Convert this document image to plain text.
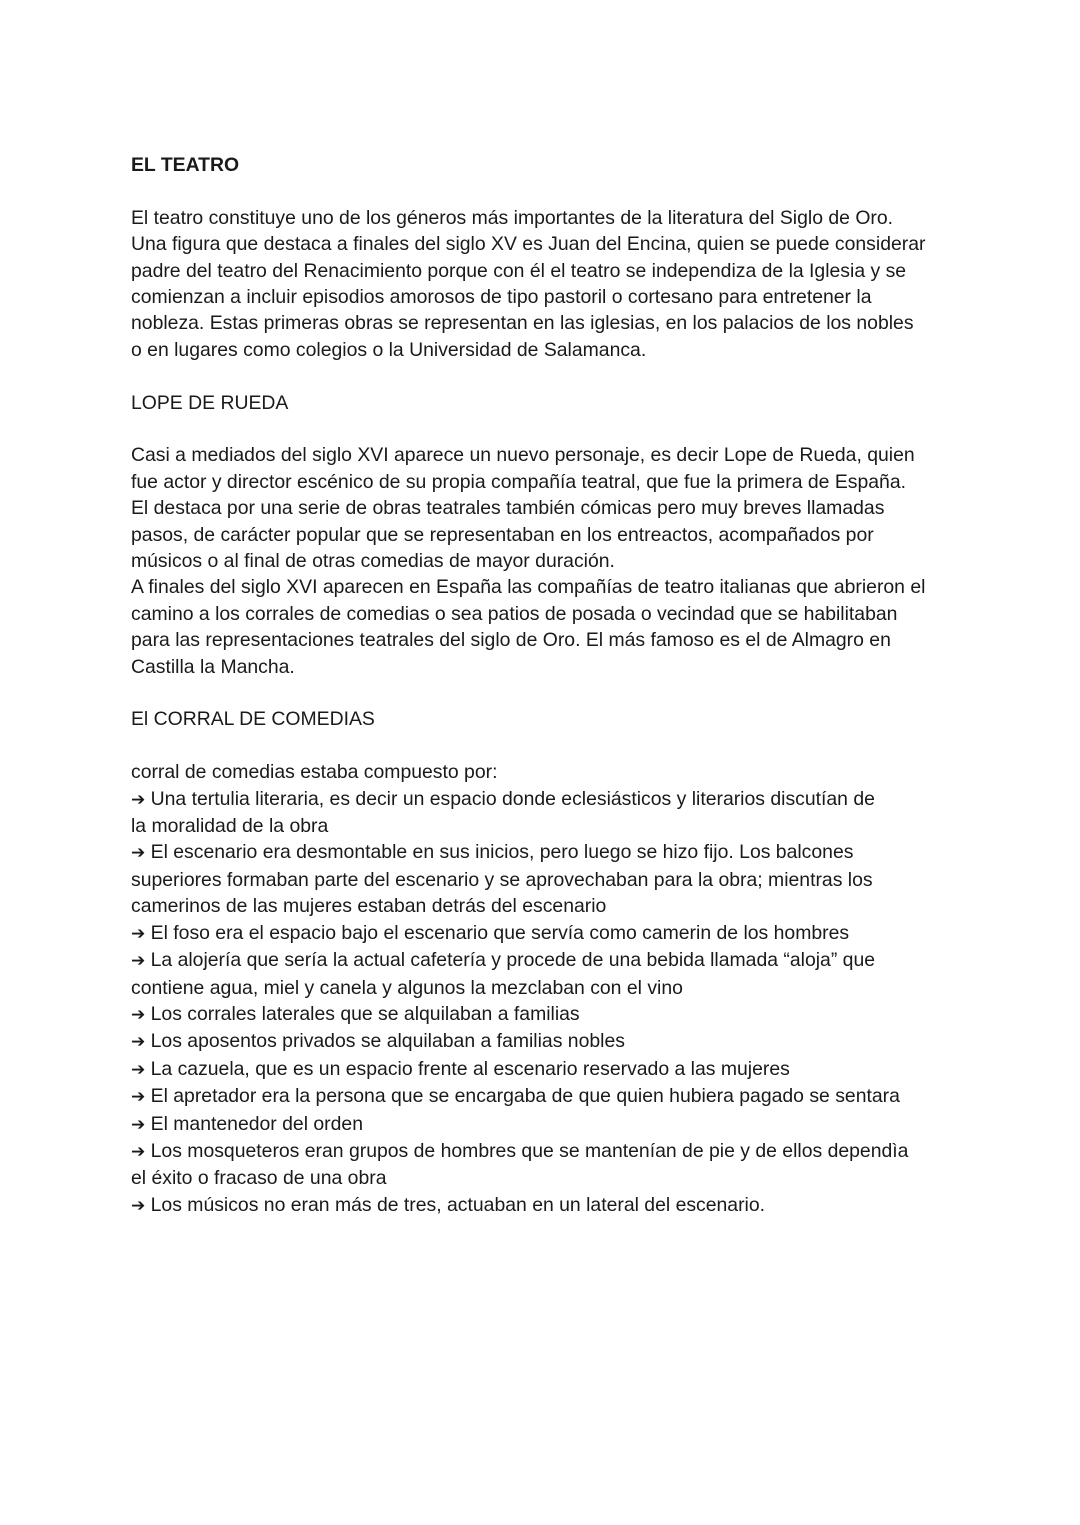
EL TEATRO
El teatro constituye uno de los géneros más importantes de la literatura del Siglo de Oro.
Una figura que destaca a finales del siglo XV es Juan del Encina, quien se puede considerar
padre del teatro del Renacimiento porque con él el teatro se independiza de la Iglesia y se
comienzan a incluir episodios amorosos de tipo pastoril o cortesano para entretener la
nobleza. Estas primeras obras se representan en las iglesias, en los palacios de los nobles
o en lugares como colegios o la Universidad de Salamanca.
LOPE DE RUEDA
Casi a mediados del siglo XVI aparece un nuevo personaje, es decir Lope de Rueda, quien
fue actor y director escénico de su propia compañía teatral, que fue la primera de España.
El destaca por una serie de obras teatrales también cómicas pero muy breves llamadas
pasos, de carácter popular que se representaban en los entreactos, acompañados por
músicos o al final de otras comedias de mayor duración.
A finales del siglo XVI aparecen en España las compañías de teatro italianas que abrieron el
camino a los corrales de comedias o sea patios de posada o vecindad que se habilitaban
para las representaciones teatrales del siglo de Oro. El más famoso es el de Almagro en
Castilla la Mancha.
El CORRAL DE COMEDIAS
corral de comedias estaba compuesto por:
➔ Una tertulia literaria, es decir un espacio donde eclesiásticos y literarios discutían de
la moralidad de la obra
➔ El escenario era desmontable en sus inicios, pero luego se hizo fijo. Los balcones
superiores formaban parte del escenario y se aprovechaban para la obra; mientras los
camerinos de las mujeres estaban detrás del escenario
➔ El foso era el espacio bajo el escenario que servía como camerin de los hombres
➔ La alojería que sería la actual cafetería y procede de una bebida llamada “aloja” que
contiene agua, miel y canela y algunos la mezclaban con el vino
➔ Los corrales laterales que se alquilaban a familias
➔ Los aposentos privados se alquilaban a familias nobles
➔ La cazuela, que es un espacio frente al escenario reservado a las mujeres
➔ El apretador era la persona que se encargaba de que quien hubiera pagado se sentara
➔ El mantenedor del orden
➔ Los mosqueteros eran grupos de hombres que se mantenían de pie y de ellos dependìa
el éxito o fracaso de una obra
➔ Los músicos no eran más de tres, actuaban en un lateral del escenario.
